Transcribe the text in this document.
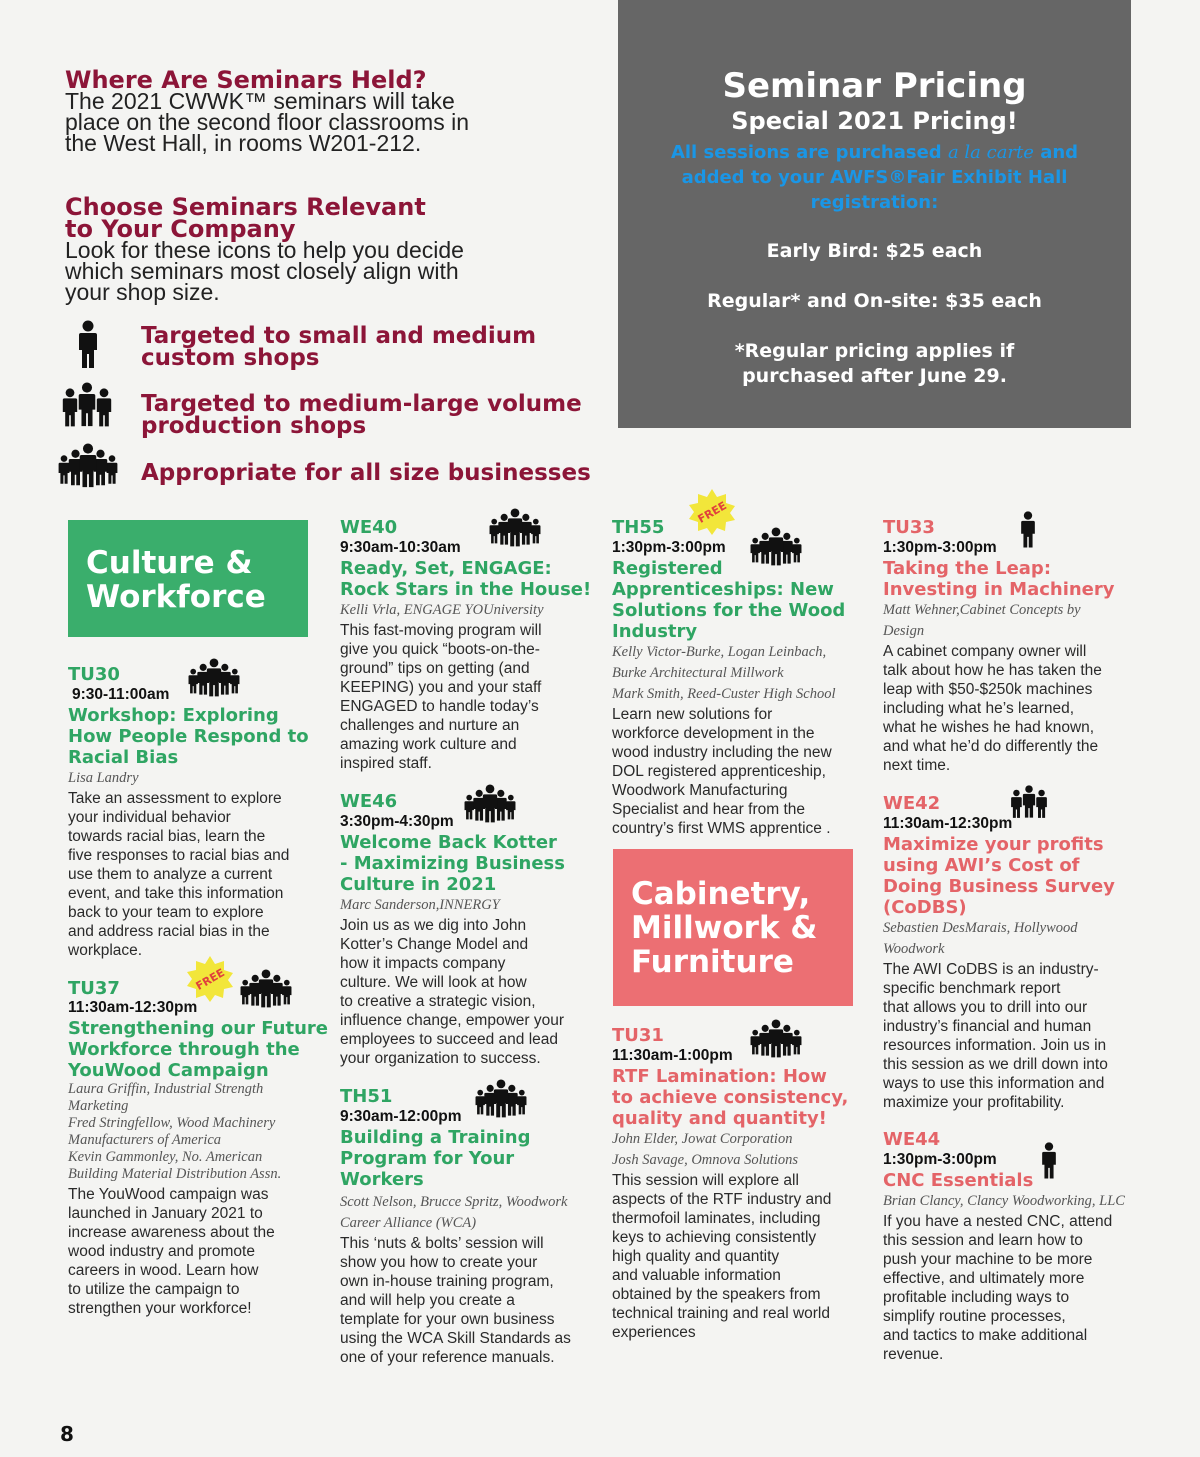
Where Are Seminars Held?
The 2021 CWWK™ seminars will take
place on the second floor classrooms in
the West Hall, in rooms W201-212.
Choose Seminars Relevant
to Your Company
Look for these icons to help you decide
which seminars most closely align with
your shop size.
Targeted to small and medium
custom shops
Targeted to medium-large volume
production shops
Appropriate for all size businesses
Seminar Pricing
Special 2021 Pricing!
All sessions are purchased a la carte and
added to your AWFS®Fair Exhibit Hall
registration:
Early Bird: $25 each
Regular* and On-site: $35 each
*Regular pricing applies if
purchased after June 29.
Culture &
Workforce
Cabinetry,
Millwork &
Furniture
TU30
9:30-11:00am
Workshop: Exploring
How People Respond to
Racial Bias
Lisa Landry
Take an assessment to explore
your individual behavior
towards racial bias, learn the
five responses to racial bias and
use them to analyze a current
event, and take this information
back to your team to explore
and address racial bias in the
workplace.
TU37
11:30am-12:30pm
Strengthening our Future
Workforce through the
YouWood Campaign
Laura Griffin, Industrial Strength
Marketing
Fred Stringfellow, Wood Machinery
Manufacturers of America
Kevin Gammonley, No. American
Building Material Distribution Assn.
The YouWood campaign was
launched in January 2021 to
increase awareness about the
wood industry and promote
careers in wood. Learn how
to utilize the campaign to
strengthen your workforce!
FREE
WE40
9:30am-10:30am
Ready, Set, ENGAGE:
Rock Stars in the House!
Kelli Vrla, ENGAGE YOUniversity
This fast-moving program will
give you quick “boots-on-the-
ground” tips on getting (and
KEEPING) you and your staff
ENGAGED to handle today’s
challenges and nurture an
amazing work culture and
inspired staff.
WE46
3:30pm-4:30pm
Welcome Back Kotter
- Maximizing Business
Culture in 2021
Marc Sanderson,INNERGY
Join us as we dig into John
Kotter’s Change Model and
how it impacts company
culture. We will look at how
to creative a strategic vision,
influence change, empower your
employees to succeed and lead
your organization to success.
TH51
9:30am-12:00pm
Building a Training
Program for Your
Workers
Scott Nelson, Brucce Spritz, Woodwork
Career Alliance (WCA)
This ‘nuts & bolts’ session will
show you how to create your
own in-house training program,
and will help you create a
template for your own business
using the WCA Skill Standards as
one of your reference manuals.
TH55
1:30pm-3:00pm
Registered
Apprenticeships: New
Solutions for the Wood
Industry
Kelly Victor-Burke, Logan Leinbach,
Burke Architectural Millwork
Mark Smith, Reed-Custer High School
Learn new solutions for
workforce development in the
wood industry including the new
DOL registered apprenticeship,
Woodwork Manufacturing
Specialist and hear from the
country’s first WMS apprentice .
FREE
TU31
11:30am-1:00pm
RTF Lamination: How
to achieve consistency,
quality and quantity!
John Elder, Jowat Corporation
Josh Savage, Omnova Solutions
This session will explore all
aspects of the RTF industry and
thermofoil laminates, including
keys to achieving consistently
high quality and quantity
and valuable information
obtained by the speakers from
technical training and real world
experiences
TU33
1:30pm-3:00pm
Taking the Leap:
Investing in Machinery
Matt Wehner,Cabinet Concepts by
Design
A cabinet company owner will
talk about how he has taken the
leap with $50-$250k machines
including what he’s learned,
what he wishes he had known,
and what he’d do differently the
next time.
WE42
11:30am-12:30pm
Maximize your profits
using AWI’s Cost of
Doing Business Survey
(CoDBS)
Sebastien DesMarais, Hollywood
Woodwork
The AWI CoDBS is an industry-
specific benchmark report
that allows you to drill into our
industry’s financial and human
resources information. Join us in
this session as we drill down into
ways to use this information and
maximize your profitability.
WE44
1:30pm-3:00pm
CNC Essentials
Brian Clancy, Clancy Woodworking, LLC
If you have a nested CNC, attend
this session and learn how to
push your machine to be more
effective, and ultimately more
profitable including ways to
simplify routine processes,
and tactics to make additional
revenue.
8
